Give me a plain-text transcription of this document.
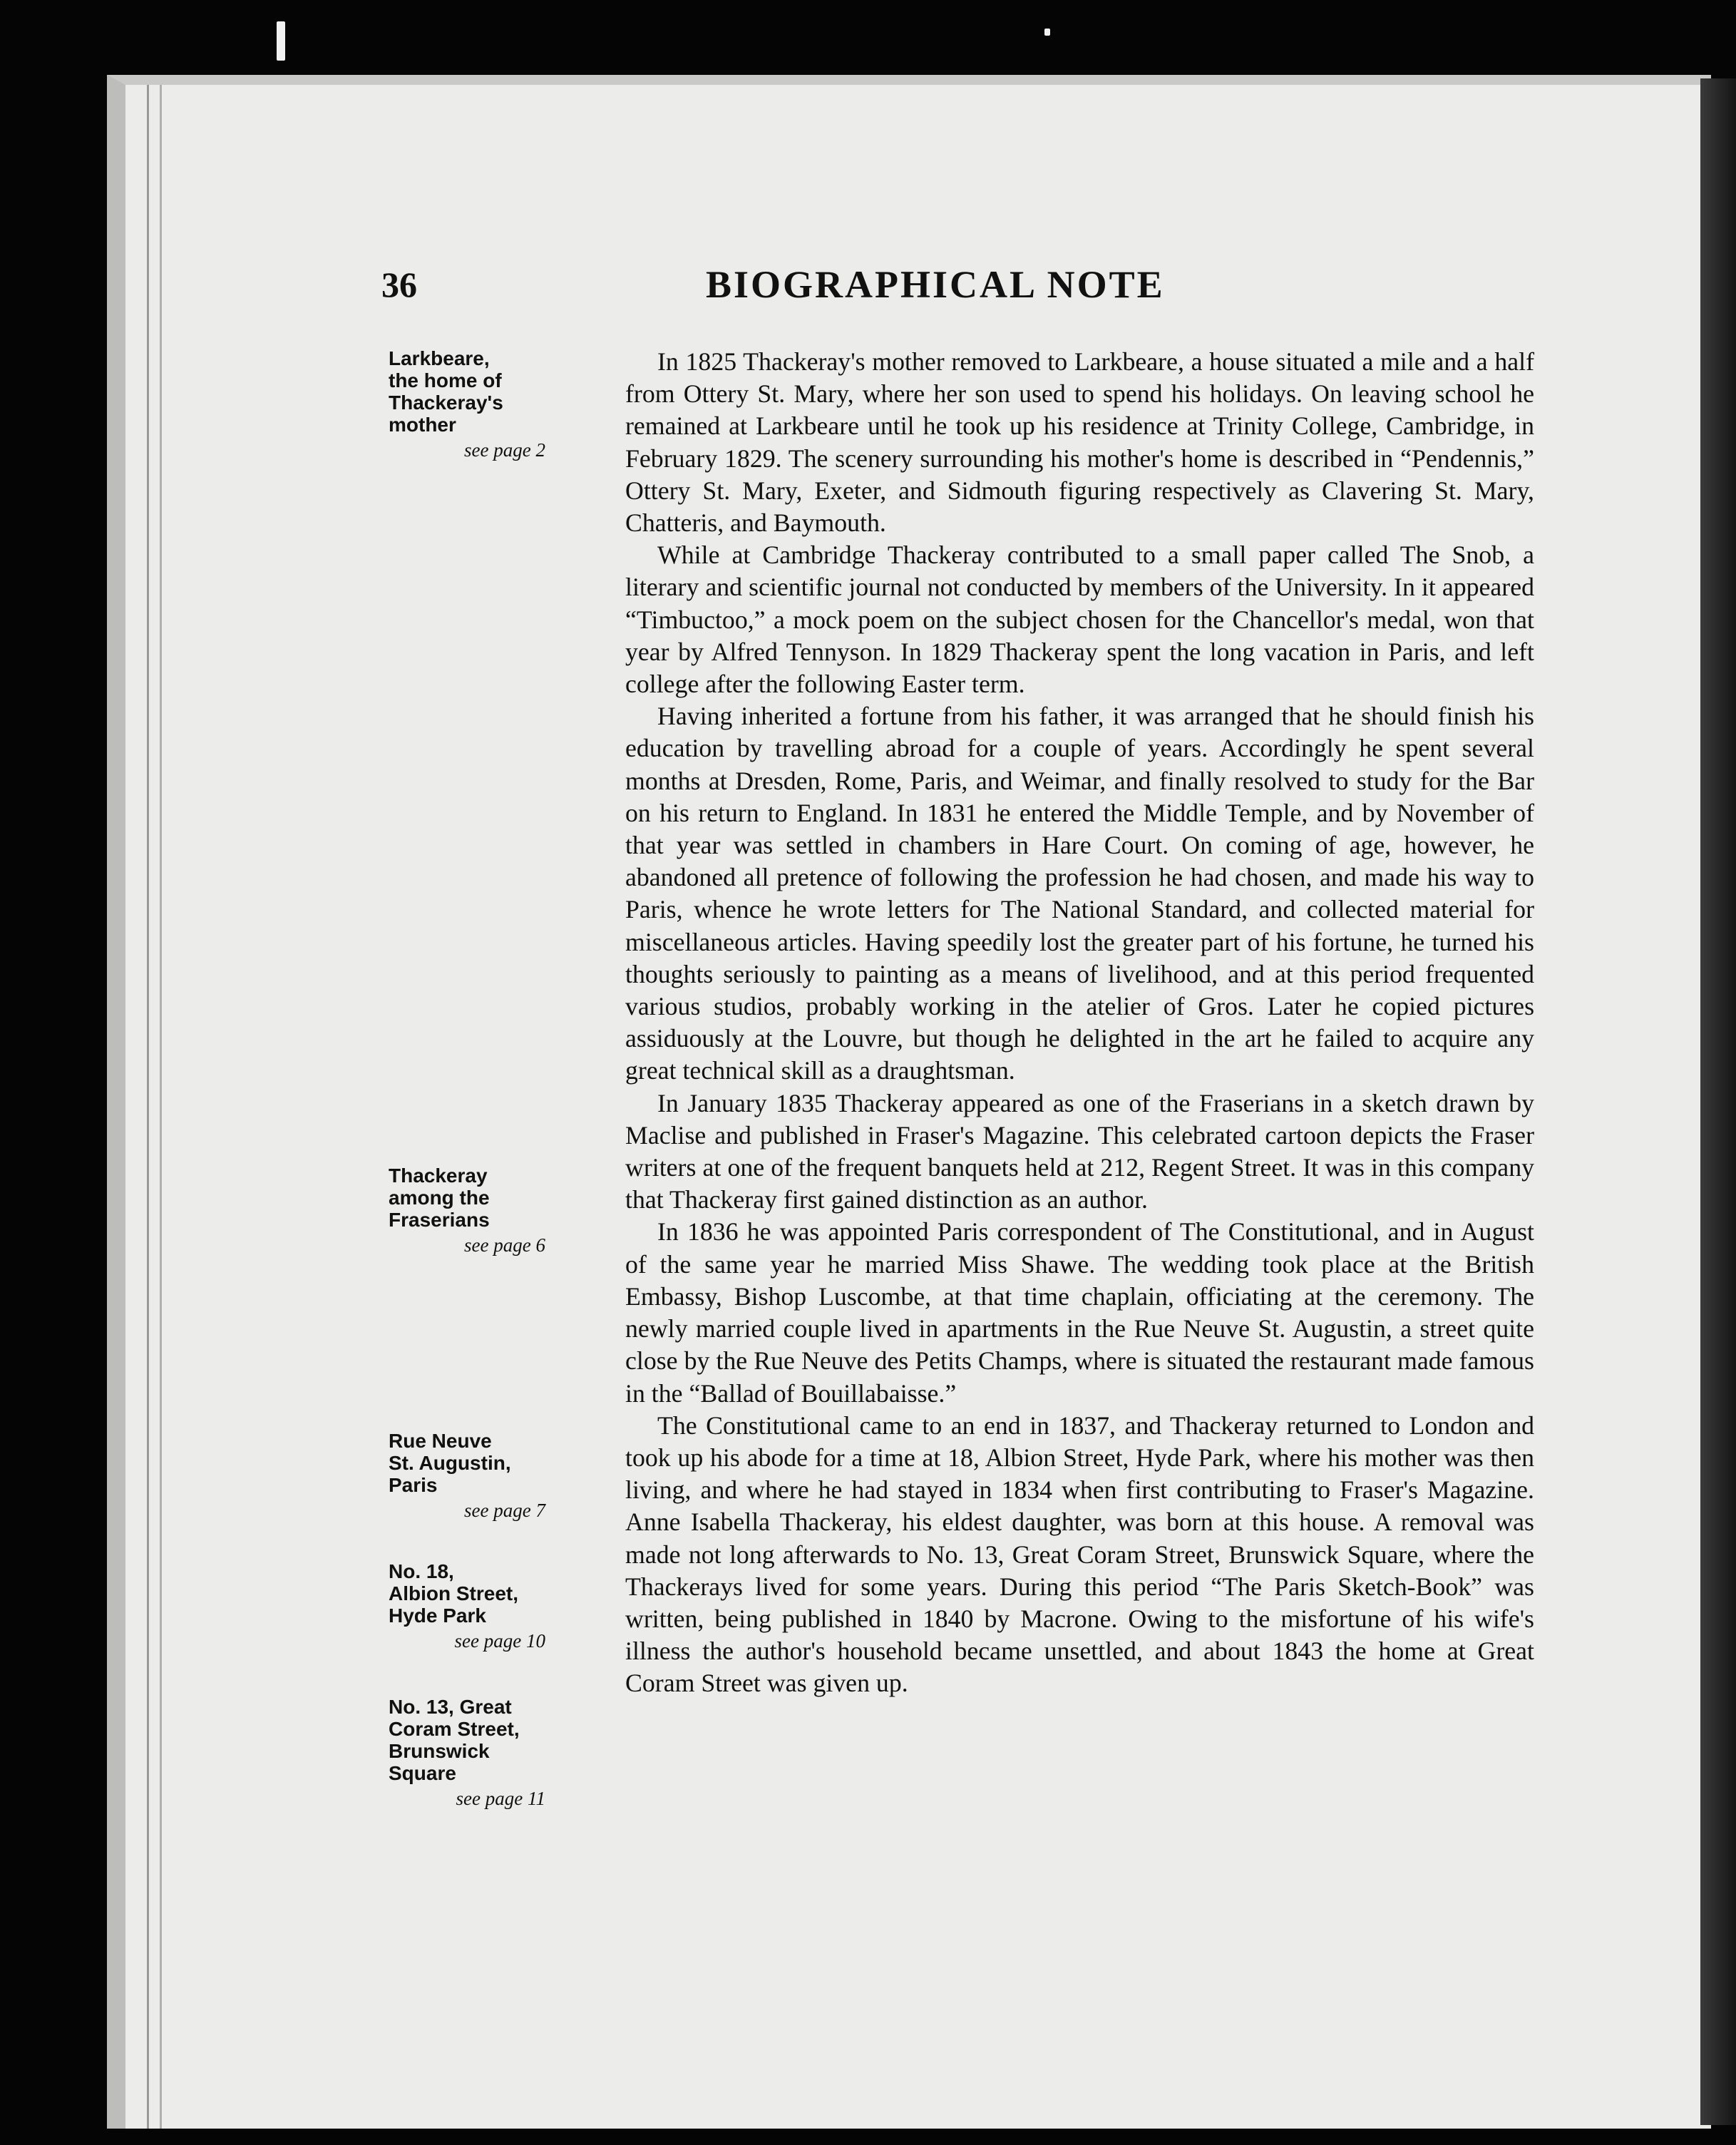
36	BIOGRAPHICAL NOTE
Larkbeare,
the home of
Thackeray's
mother
see page 2
Thackeray
among the
Fraserians
see page 6
Rue Neuve
St. Augustin,
Paris
see page 7
No. 18,
Albion Street,
Hyde Park
see page 10
No. 13, Great
Coram Street,
Brunswick
Square
see page 11

In 1825 Thackeray's mother removed to Larkbeare, a house situated a mile and a half from Ottery St. Mary, where her son used to spend his holidays. On leaving school he remained at Larkbeare until he took up his residence at Trinity College, Cambridge, in February 1829. The scenery surrounding his mother's home is described in “Pendennis,” Ottery St. Mary, Exeter, and Sidmouth figuring respectively as Clavering St. Mary, Chatteris, and Baymouth.

While at Cambridge Thackeray contributed to a small paper called The Snob, a literary and scientific journal not conducted by members of the University. In it appeared “Timbuctoo,” a mock poem on the subject chosen for the Chancellor's medal, won that year by Alfred Tennyson. In 1829 Thackeray spent the long vacation in Paris, and left college after the following Easter term.

Having inherited a fortune from his father, it was arranged that he should finish his education by travelling abroad for a couple of years. Accordingly he spent several months at Dresden, Rome, Paris, and Weimar, and finally resolved to study for the Bar on his return to England. In 1831 he entered the Middle Temple, and by November of that year was settled in chambers in Hare Court. On coming of age, however, he abandoned all pretence of following the profession he had chosen, and made his way to Paris, whence he wrote letters for The National Standard, and collected material for miscellaneous articles. Having speedily lost the greater part of his fortune, he turned his thoughts seriously to painting as a means of livelihood, and at this period frequented various studios, probably working in the atelier of Gros. Later he copied pictures assiduously at the Louvre, but though he delighted in the art he failed to acquire any great technical skill as a draughtsman.

In January 1835 Thackeray appeared as one of the Fraserians in a sketch drawn by Maclise and published in Fraser's Magazine. This celebrated cartoon depicts the Fraser writers at one of the frequent banquets held at 212, Regent Street. It was in this company that Thackeray first gained distinction as an author.

In 1836 he was appointed Paris correspondent of The Constitutional, and in August of the same year he married Miss Shawe. The wedding took place at the British Embassy, Bishop Luscombe, at that time chaplain, officiating at the ceremony. The newly married couple lived in apartments in the Rue Neuve St. Augustin, a street quite close by the Rue Neuve des Petits Champs, where is situated the restaurant made famous in the “Ballad of Bouillabaisse.”

The Constitutional came to an end in 1837, and Thackeray returned to London and took up his abode for a time at 18, Albion Street, Hyde Park, where his mother was then living, and where he had stayed in 1834 when first contributing to Fraser's Magazine. Anne Isabella Thackeray, his eldest daughter, was born at this house. A removal was made not long afterwards to No. 13, Great Coram Street, Brunswick Square, where the Thackerays lived for some years. During this period “The Paris Sketch-Book” was written, being published in 1840 by Macrone. Owing to the misfortune of his wife's illness the author's household became unsettled, and about 1843 the home at Great Coram Street was given up.
